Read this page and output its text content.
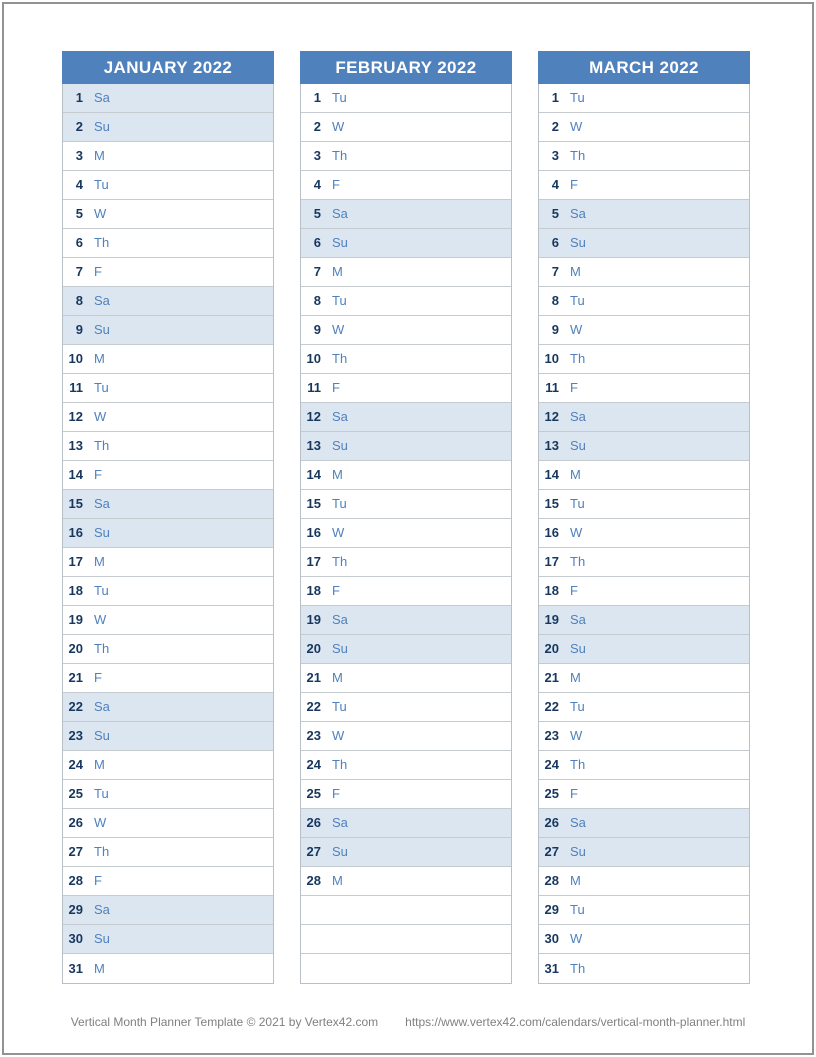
JANUARY 2022
1 Sa
2 Su
3 M
4 Tu
5 W
6 Th
7 F
8 Sa
9 Su
10 M
11 Tu
12 W
13 Th
14 F
15 Sa
16 Su
17 M
18 Tu
19 W
20 Th
21 F
22 Sa
23 Su
24 M
25 Tu
26 W
27 Th
28 F
29 Sa
30 Su
31 M
FEBRUARY 2022
1 Tu
2 W
3 Th
4 F
5 Sa
6 Su
7 M
8 Tu
9 W
10 Th
11 F
12 Sa
13 Su
14 M
15 Tu
16 W
17 Th
18 F
19 Sa
20 Su
21 M
22 Tu
23 W
24 Th
25 F
26 Sa
27 Su
28 M
MARCH 2022
1 Tu
2 W
3 Th
4 F
5 Sa
6 Su
7 M
8 Tu
9 W
10 Th
11 F
12 Sa
13 Su
14 M
15 Tu
16 W
17 Th
18 F
19 Sa
20 Su
21 M
22 Tu
23 W
24 Th
25 F
26 Sa
27 Su
28 M
29 Tu
30 W
31 Th
Vertical Month Planner Template © 2021 by Vertex42.com https://www.vertex42.com/calendars/vertical-month-planner.html
